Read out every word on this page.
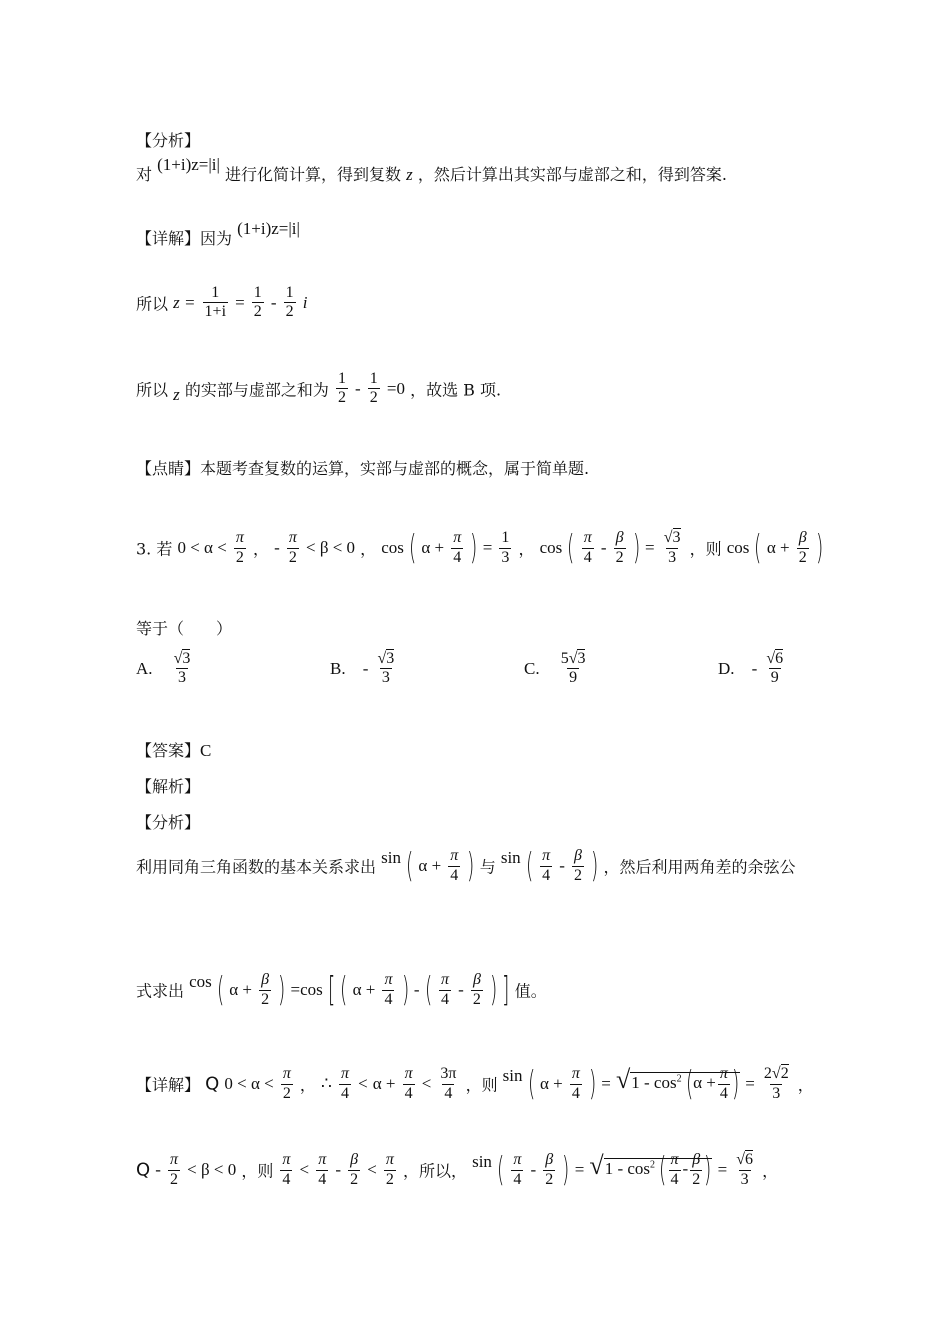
【分析】
对 (1+i)z=|i| 进行化简计算，得到复数 z ，然后计算出其实部与虚部之和，得到答案.
【详解】因为 (1+i)z=|i|
所以 $z = \frac{1}{1+i} = \frac{1}{2} - \frac{1}{2}$ i
所以 z 的实部与虚部之和为 $\frac{1}{2} - \frac{1}{2} =0$ ，故选 B 项.
【点睛】本题考查复数的运算，实部与虚部的概念，属于简单题.
3. 若 $0 < \alpha < \frac{\pi}{2}$ ， - $\frac{\pi}{2} < \beta < 0$ ， cos ( $\alpha + \frac{\pi}{4}$ ) = $\frac{1}{3}$ ， cos ( $\frac{\pi}{4} - \frac{\beta}{2}$ ) = $\frac{√3}{3}$ ，则 cos ( $\alpha + \frac{\beta}{2}$ )
等于（　　）
A. $\frac{√3}{3}$	B. - $\frac{√3}{3}$	C. $\frac{5√3}{9}$	D. - $\frac{√6}{9}$
【答案】C
【解析】
【分析】
利用同角三角函数的基本关系求出 sin ( $\alpha + \frac{\pi}{4}$ ) 与 sin ( $\frac{\pi}{4} - \frac{\beta}{2}$ ) ，然后利用两角差的余弦公
式求出 cos ( $\alpha + \frac{\beta}{2}$ ) =cos [ ( $\alpha + \frac{\pi}{4}$ ) - ( $\frac{\pi}{4} - \frac{\beta}{2}$ ) ] 值。
【详解】 Q $0 < \alpha < \frac{\pi}{2}$ ， ∴ $\frac{\pi}{4} < \alpha + \frac{\pi}{4} < \frac{3\pi}{4}$ ，则 sin ( $\alpha + \frac{\pi}{4}$ ) = $√1 - \cos^2 (\alpha + \frac{\pi}{4}$ ) = $\frac{2√2}{3}$ ，
$Q - \frac{\pi}{2} < \beta < 0$ ，则 $\frac{\pi}{4} < \frac{\pi}{4} - \frac{\beta}{2} < \frac{\pi}{2}$ ，所以， sin ( $\frac{\pi}{4} - \frac{\beta}{2}$ ) = $√1 - \cos^2$ ( $\frac{\pi}{4} - \frac{\beta}{2}$ ) = $\frac{√6}{3}$ ，
